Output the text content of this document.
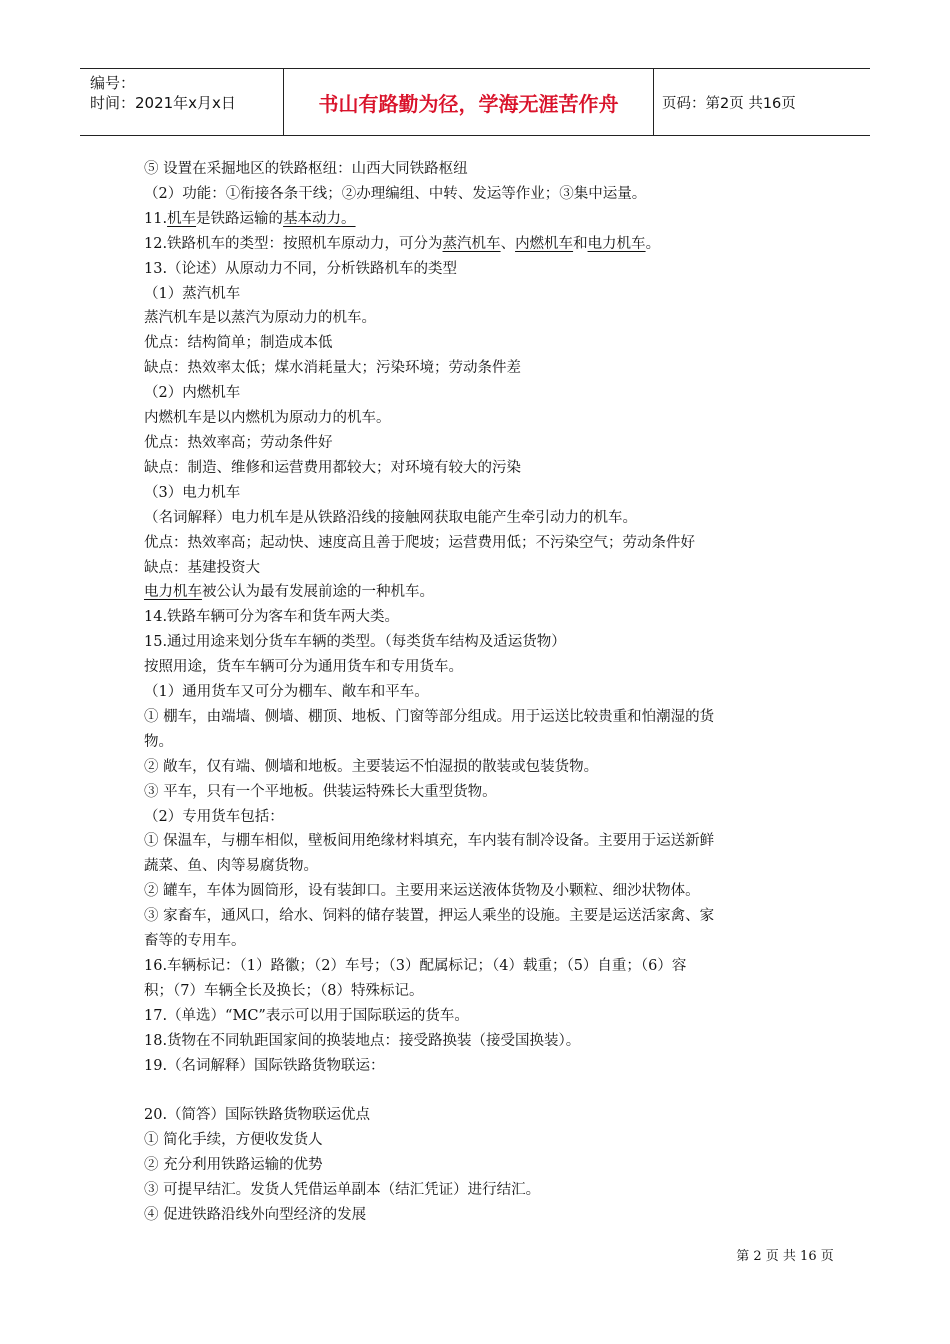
编号：
时间：2021年x月x日	书山有路勤为径，学海无涯苦作舟	页码：第2页 共16页
⑤ 设置在采掘地区的铁路枢纽：山西大同铁路枢纽
（2）功能：①衔接各条干线；②办理编组、中转、发运等作业；③集中运量。
11.机车是铁路运输的基本动力。
12.铁路机车的类型：按照机车原动力，可分为蒸汽机车、内燃机车和电力机车。
13.（论述）从原动力不同，分析铁路机车的类型
（1）蒸汽机车
蒸汽机车是以蒸汽为原动力的机车。
优点：结构简单；制造成本低
缺点：热效率太低；煤水消耗量大；污染环境；劳动条件差
（2）内燃机车
内燃机车是以内燃机为原动力的机车。
优点：热效率高；劳动条件好
缺点：制造、维修和运营费用都较大；对环境有较大的污染
（3）电力机车
（名词解释）电力机车是从铁路沿线的接触网获取电能产生牵引动力的机车。
优点：热效率高；起动快、速度高且善于爬坡；运营费用低；不污染空气；劳动条件好
缺点：基建投资大
电力机车被公认为最有发展前途的一种机车。
14.铁路车辆可分为客车和货车两大类。
15.通过用途来划分货车车辆的类型。（每类货车结构及适运货物）
按照用途，货车车辆可分为通用货车和专用货车。
（1）通用货车又可分为棚车、敞车和平车。
① 棚车，由端墙、侧墙、棚顶、地板、门窗等部分组成。用于运送比较贵重和怕潮湿的货
物。
② 敞车，仅有端、侧墙和地板。主要装运不怕湿损的散装或包装货物。
③ 平车，只有一个平地板。供装运特殊长大重型货物。
（2）专用货车包括：
① 保温车，与棚车相似，壁板间用绝缘材料填充，车内装有制冷设备。主要用于运送新鲜
蔬菜、鱼、肉等易腐货物。
② 罐车，车体为圆筒形，设有装卸口。主要用来运送液体货物及小颗粒、细沙状物体。
③ 家畜车，通风口，给水、饲料的储存装置，押运人乘坐的设施。主要是运送活家禽、家
畜等的专用车。
16.车辆标记：（1）路徽；（2）车号；（3）配属标记；（4）载重；（5）自重；（6）容
积；（7）车辆全长及换长；（8）特殊标记。
17.（单选）“MC”表示可以用于国际联运的货车。
18.货物在不同轨距国家间的换装地点：接受路换装（接受国换装）。
19.（名词解释）国际铁路货物联运：
20.（简答）国际铁路货物联运优点
① 简化手续，方便收发货人
② 充分利用铁路运输的优势
③ 可提早结汇。发货人凭借运单副本（结汇凭证）进行结汇。
④ 促进铁路沿线外向型经济的发展
第 2 页 共 16 页
